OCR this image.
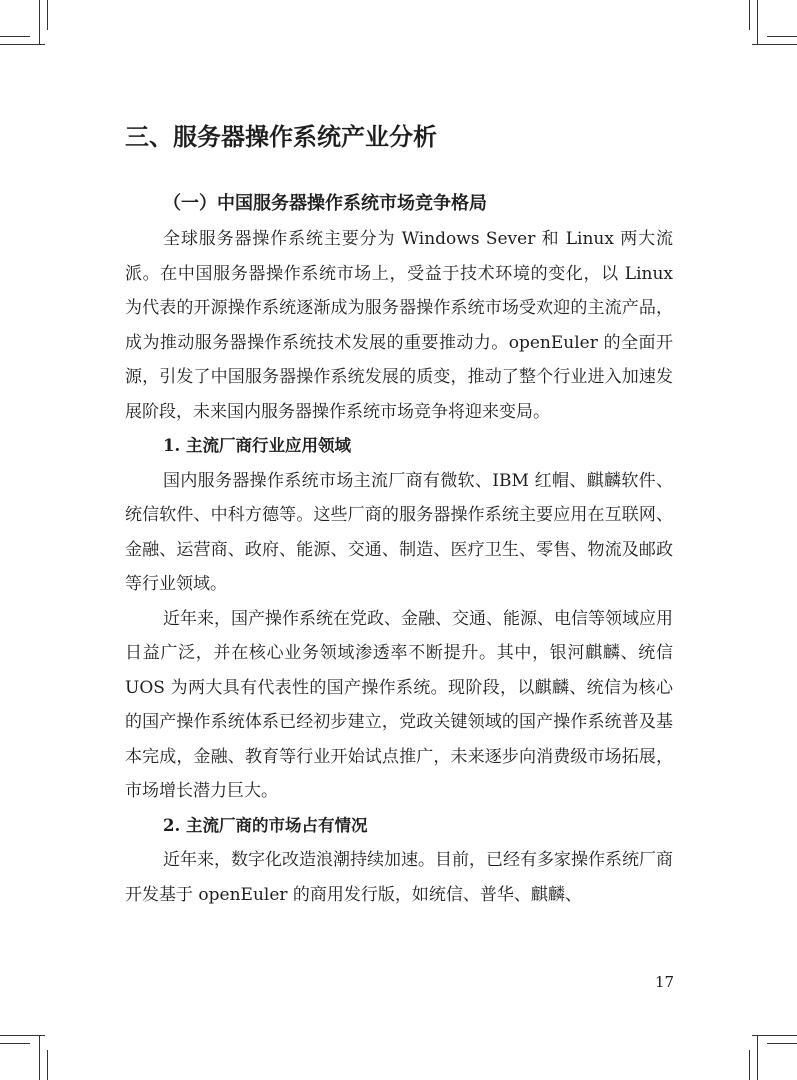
三、服务器操作系统产业分析
（一）中国服务器操作系统市场竞争格局

全球服务器操作系统主要分为 Windows Sever 和 Linux 两大流派。在中国服务器操作系统市场上，受益于技术环境的变化，以 Linux 为代表的开源操作系统逐渐成为服务器操作系统市场受欢迎的主流产品，成为推动服务器操作系统技术发展的重要推动力。openEuler 的全面开源，引发了中国服务器操作系统发展的质变，推动了整个行业进入加速发展阶段，未来国内服务器操作系统市场竞争将迎来变局。

1. 主流厂商行业应用领域

国内服务器操作系统市场主流厂商有微软、IBM 红帽、麒麟软件、统信软件、中科方德等。这些厂商的服务器操作系统主要应用在互联网、金融、运营商、政府、能源、交通、制造、医疗卫生、零售、物流及邮政等行业领域。

近年来，国产操作系统在党政、金融、交通、能源、电信等领域应用日益广泛，并在核心业务领域渗透率不断提升。其中，银河麒麟、统信 UOS 为两大具有代表性的国产操作系统。现阶段，以麒麟、统信为核心的国产操作系统体系已经初步建立，党政关键领域的国产操作系统普及基本完成，金融、教育等行业开始试点推广，未来逐步向消费级市场拓展，市场增长潜力巨大。

2. 主流厂商的市场占有情况

近年来，数字化改造浪潮持续加速。目前，已经有多家操作系统厂商开发基于 openEuler 的商用发行版，如统信、普华、麒麟、

17
